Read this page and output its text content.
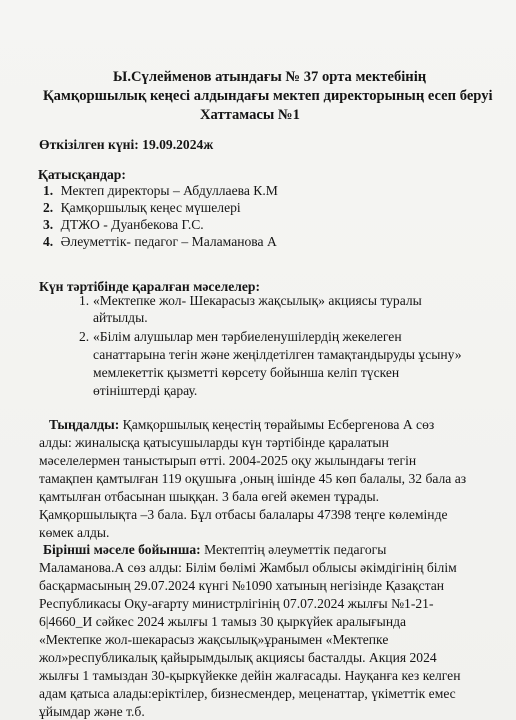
Ы.Сүлейменов атындағы № 37 орта мектебінің
Қамқоршылық кеңесі алдындағы мектеп директорының есеп беруі
Хаттамасы №1
Өткізілген күні: 19.09.2024ж
Қатысқандар:
1. Мектеп директоры – Абдуллаева К.М
2. Қамқоршылық кеңес мүшелері
3. ДТЖО - Дуанбекова Г.С.
4. Әлеуметтік- педагог – Маламанова А
Күн тәртібінде қаралған мәселелер:
1. «Мектепке жол- Шекарасыз жақсылық» акциясы туралы
айтылды.
2. «Білім алушылар мен тәрбиеленушілердің жекелеген
санаттарына тегін және жеңілдетілген тамақтандыруды ұсыну»
мемлекеттік қызметті көрсету бойынша келіп түскен
өтініштерді қарау.
Тыңдалды: Қамқоршылық кеңестің төрайымы Есбергенова А сөз
алды: жиналысқа қатысушыларды күн тәртібінде қаралатын
мәселелермен таныстырып өтті. 2004-2025 оқу жылындағы тегін
тамақпен қамтылған 119 оқушыға ,оның ішінде 45 көп балалы, 32 бала аз
қамтылған отбасынан шыққан. 3 бала өгей әкемен тұрады.
Қамқоршылықта –3 бала. Бұл отбасы балалары 47398 теңге көлемінде
көмек алды.
Бірінші мәселе бойынша: Мектептің әлеуметтік педагогы
Маламанова.А сөз алды: Білім бөлімі Жамбыл облысы әкімдігінің білім
басқармасының 29.07.2024 күнгі №1090 хатының негізінде Қазақстан
Республикасы Оқу-ағарту министрлігінің 07.07.2024 жылғы №1-21-
6|4660_И сәйкес 2024 жылғы 1 тамыз 30 қыркүйек аралығында
«Мектепке жол-шекарасыз жақсылық»ұранымен «Мектепке
жол»республикалық қайырымдылық акциясы басталды. Акция 2024
жылғы 1 тамыздан 30-қыркүйекке дейін жалғасады. Науқанға кез келген
адам қатыса алады:еріктілер, бизнесмендер, меценаттар, үкіметтік емес
ұйымдар және т.б.
